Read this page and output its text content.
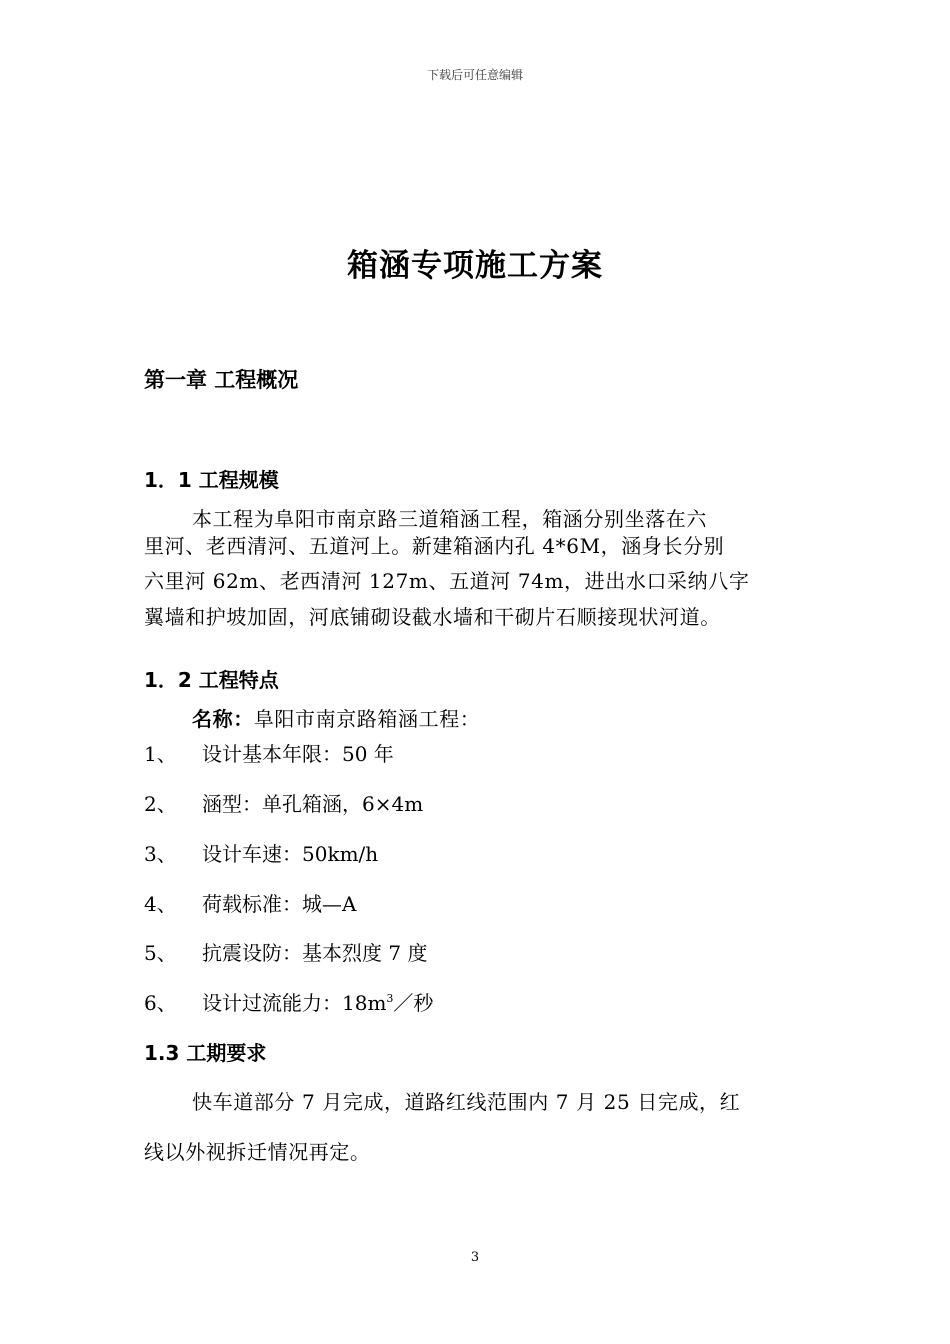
下载后可任意编辑
箱涵专项施工方案
第一章 工程概况
1．1 工程规模
本工程为阜阳市南京路三道箱涵工程，箱涵分别坐落在六
里河、老西清河、五道河上。新建箱涵内孔 4*6M，涵身长分别
六里河 62m、老西清河 127m、五道河 74m，进出水口采纳八字
翼墙和护坡加固，河底铺砌设截水墙和干砌片石顺接现状河道。
1．2 工程特点
名称：阜阳市南京路箱涵工程：
1、 设计基本年限：50 年
2、 涵型：单孔箱涵，6×4m
3、 设计车速：50km/h
4、 荷载标准：城—A
5、 抗震设防：基本烈度 7 度
6、 设计过流能力：$18m^3/$秒
1.3 工期要求
快车道部分 7 月完成，道路红线范围内 7 月 25 日完成，红
线以外视拆迁情况再定。
3
